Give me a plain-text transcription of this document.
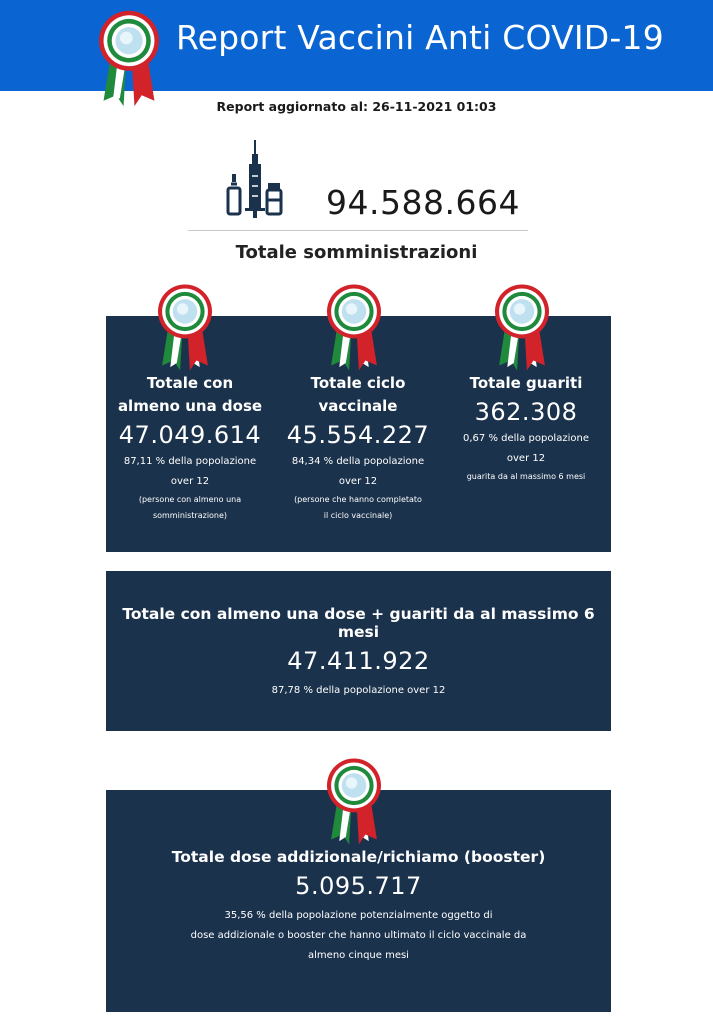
Report Vaccini Anti COVID-19
Report aggiornato al: 26-11-2021 01:03
94.588.664
Totale somministrazioni
Totale con
almeno una dose
47.049.614
87,11 % della popolazione
over 12
(persone con almeno una
somministrazione)
Totale ciclo
vaccinale
45.554.227
84,34 % della popolazione
over 12
(persone che hanno completato
il ciclo vaccinale)
Totale guariti
362.308
0,67 % della popolazione
over 12
guarita da al massimo 6 mesi
Totale con almeno una dose + guariti da al massimo 6 mesi
47.411.922
87,78 % della popolazione over 12
Totale dose addizionale/richiamo (booster)
5.095.717
35,56 % della popolazione potenzialmente oggetto di
dose addizionale o booster che hanno ultimato il ciclo vaccinale da
almeno cinque mesi
